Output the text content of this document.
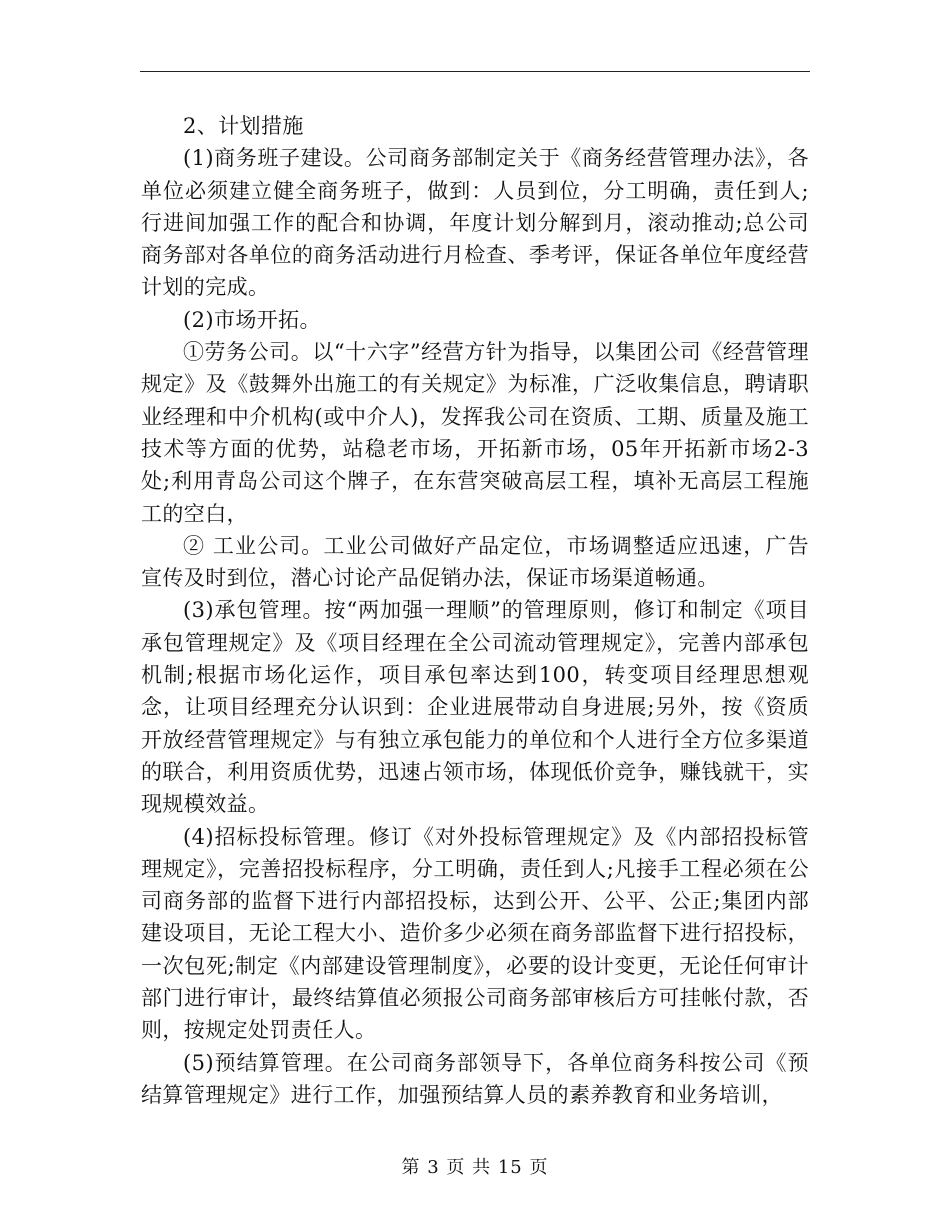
2、计划措施

(1)商务班子建设。公司商务部制定关于《商务经营管理办法》，各单位必须建立健全商务班子，做到：人员到位，分工明确，责任到人;行进间加强工作的配合和协调，年度计划分解到月，滚动推动;总公司商务部对各单位的商务活动进行月检查、季考评，保证各单位年度经营计划的完成。

(2)市场开拓。

①劳务公司。以“十六字”经营方针为指导，以集团公司《经营管理规定》及《鼓舞外出施工的有关规定》为标准，广泛收集信息，聘请职业经理和中介机构(或中介人)，发挥我公司在资质、工期、质量及施工技术等方面的优势，站稳老市场，开拓新市场，05年开拓新市场2-3处;利用青岛公司这个牌子，在东营突破高层工程，填补无高层工程施工的空白，

② 工业公司。工业公司做好产品定位，市场调整适应迅速，广告宣传及时到位，潜心讨论产品促销办法，保证市场渠道畅通。

(3)承包管理。按“两加强一理顺”的管理原则，修订和制定《项目承包管理规定》及《项目经理在全公司流动管理规定》，完善内部承包机制;根据市场化运作，项目承包率达到100，转变项目经理思想观念，让项目经理充分认识到：企业进展带动自身进展;另外，按《资质开放经营管理规定》与有独立承包能力的单位和个人进行全方位多渠道的联合，利用资质优势，迅速占领市场，体现低价竞争，赚钱就干，实现规模效益。

(4)招标投标管理。修订《对外投标管理规定》及《内部招投标管理规定》，完善招投标程序，分工明确，责任到人;凡接手工程必须在公司商务部的监督下进行内部招投标，达到公开、公平、公正;集团内部建设项目，无论工程大小、造价多少必须在商务部监督下进行招投标，一次包死;制定《内部建设管理制度》，必要的设计变更，无论任何审计部门进行审计，最终结算值必须报公司商务部审核后方可挂帐付款，否则，按规定处罚责任人。

(5)预结算管理。在公司商务部领导下，各单位商务科按公司《预结算管理规定》进行工作，加强预结算人员的素养教育和业务培训，

第 3 页 共 15 页
